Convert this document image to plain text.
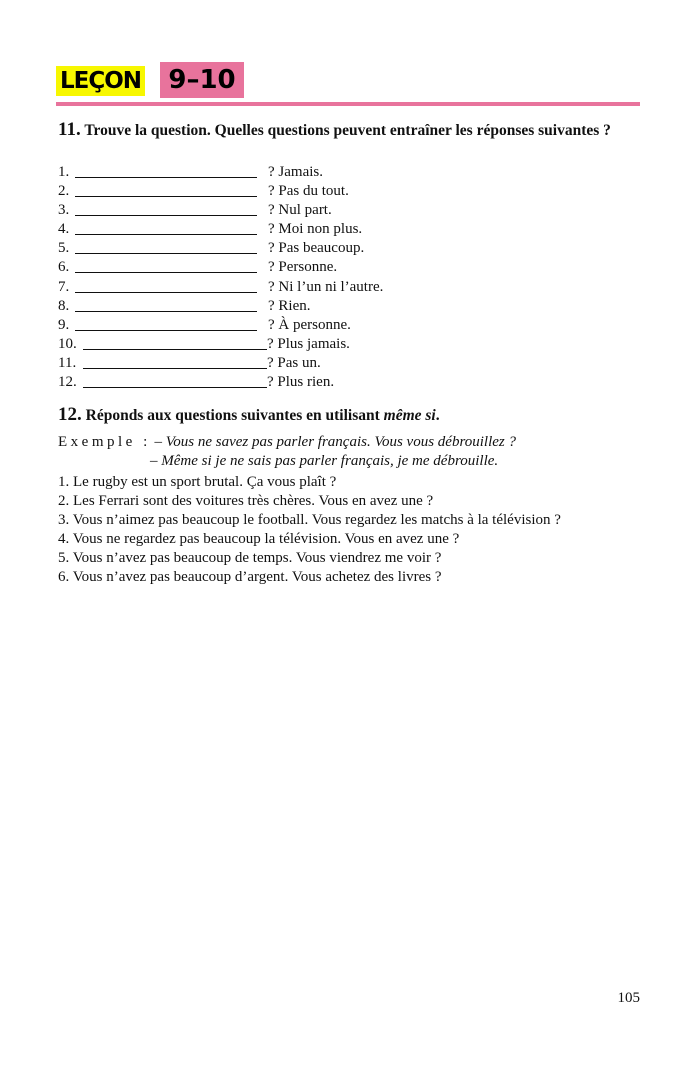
LEÇON	9–10
11. Trouve la question. Quelles questions peuvent entraîner les réponses suivantes ?
1.	? Jamais.
2.	? Pas du tout.
3.	? Nul part.
4.	? Moi non plus.
5.	? Pas beaucoup.
6.	? Personne.
7.	? Ni l’un ni l’autre.
8.	? Rien.
9.	? À personne.
10.	? Plus jamais.
11.	? Pas un.
12.	? Plus rien.
12. Réponds aux questions suivantes en utilisant même si.
Exemple : – Vous ne savez pas parler français. Vous vous débrouillez ?
– Même si je ne sais pas parler français, je me débrouille.
1. Le rugby est un sport brutal. Ça vous plaît ?
2. Les Ferrari sont des voitures très chères. Vous en avez une ?
3. Vous n’aimez pas beaucoup le football. Vous regardez les matchs à la télévision ?
4. Vous ne regardez pas beaucoup la télévision. Vous en avez une ?
5. Vous n’avez pas beaucoup de temps. Vous viendrez me voir ?
6. Vous n’avez pas beaucoup d’argent. Vous achetez des livres ?
105
